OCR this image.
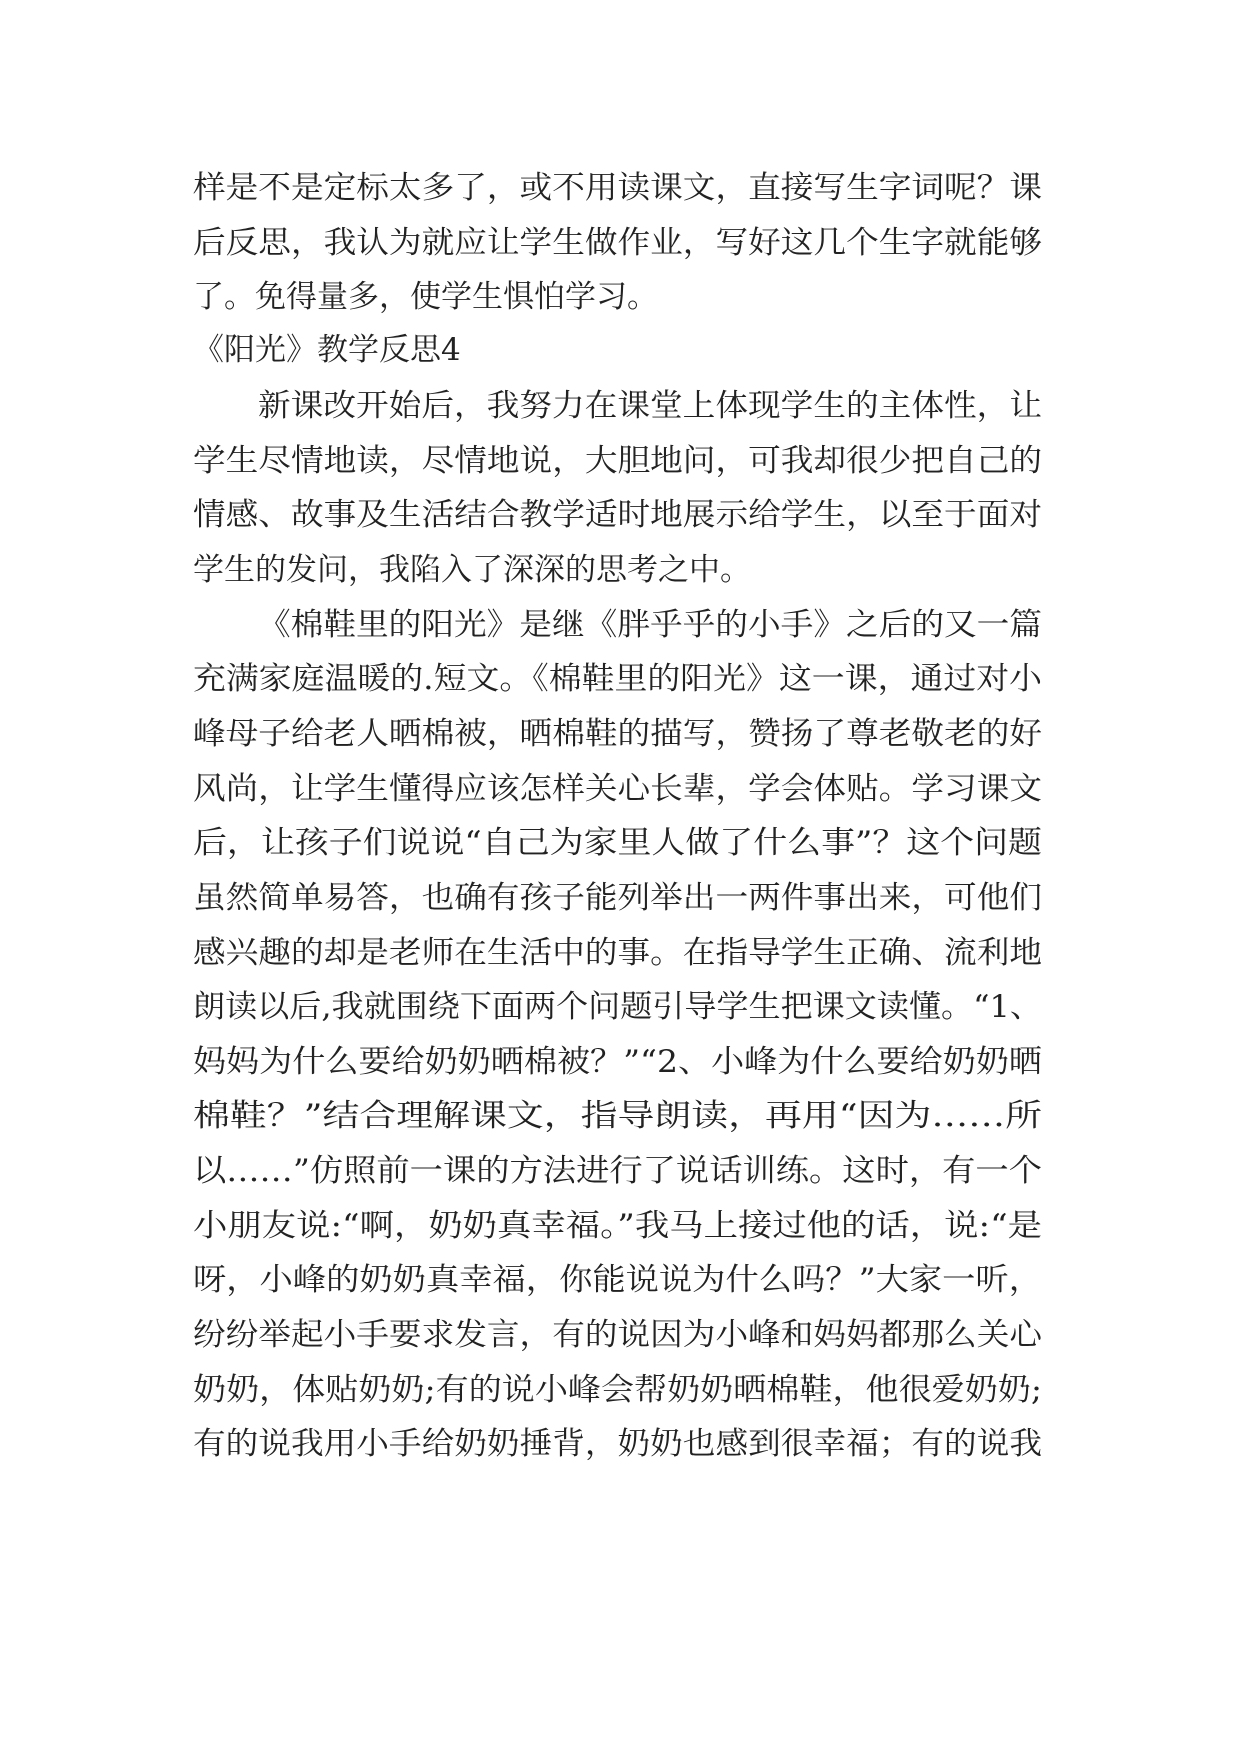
样是不是定标太多了，或不用读课文，直接写生字词呢？课
后反思，我认为就应让学生做作业，写好这几个生字就能够
了。免得量多，使学生惧怕学习。
《阳光》教学反思4
新课改开始后，我努力在课堂上体现学生的主体性，让
学生尽情地读，尽情地说，大胆地问，可我却很少把自己的
情感、故事及生活结合教学适时地展示给学生，以至于面对
学生的发问，我陷入了深深的思考之中。
《棉鞋里的阳光》是继《胖乎乎的小手》之后的又一篇
充满家庭温暖的.短文。《棉鞋里的阳光》这一课，通过对小
峰母子给老人晒棉被，晒棉鞋的描写，赞扬了尊老敬老的好
风尚，让学生懂得应该怎样关心长辈，学会体贴。学习课文
后，让孩子们说说“自己为家里人做了什么事”？这个问题
虽然简单易答，也确有孩子能列举出一两件事出来，可他们
感兴趣的却是老师在生活中的事。在指导学生正确、流利地
朗读以后,我就围绕下面两个问题引导学生把课文读懂。“1、
妈妈为什么要给奶奶晒棉被？”“2、小峰为什么要给奶奶晒
棉鞋？”结合理解课文，指导朗读，再用“因为……所
以……”仿照前一课的方法进行了说话训练。这时，有一个
小朋友说:“啊，奶奶真幸福。”我马上接过他的话，说:“是
呀，小峰的奶奶真幸福，你能说说为什么吗？”大家一听，
纷纷举起小手要求发言，有的说因为小峰和妈妈都那么关心
奶奶，体贴奶奶;有的说小峰会帮奶奶晒棉鞋，他很爱奶奶;
有的说我用小手给奶奶捶背，奶奶也感到很幸福；有的说我
